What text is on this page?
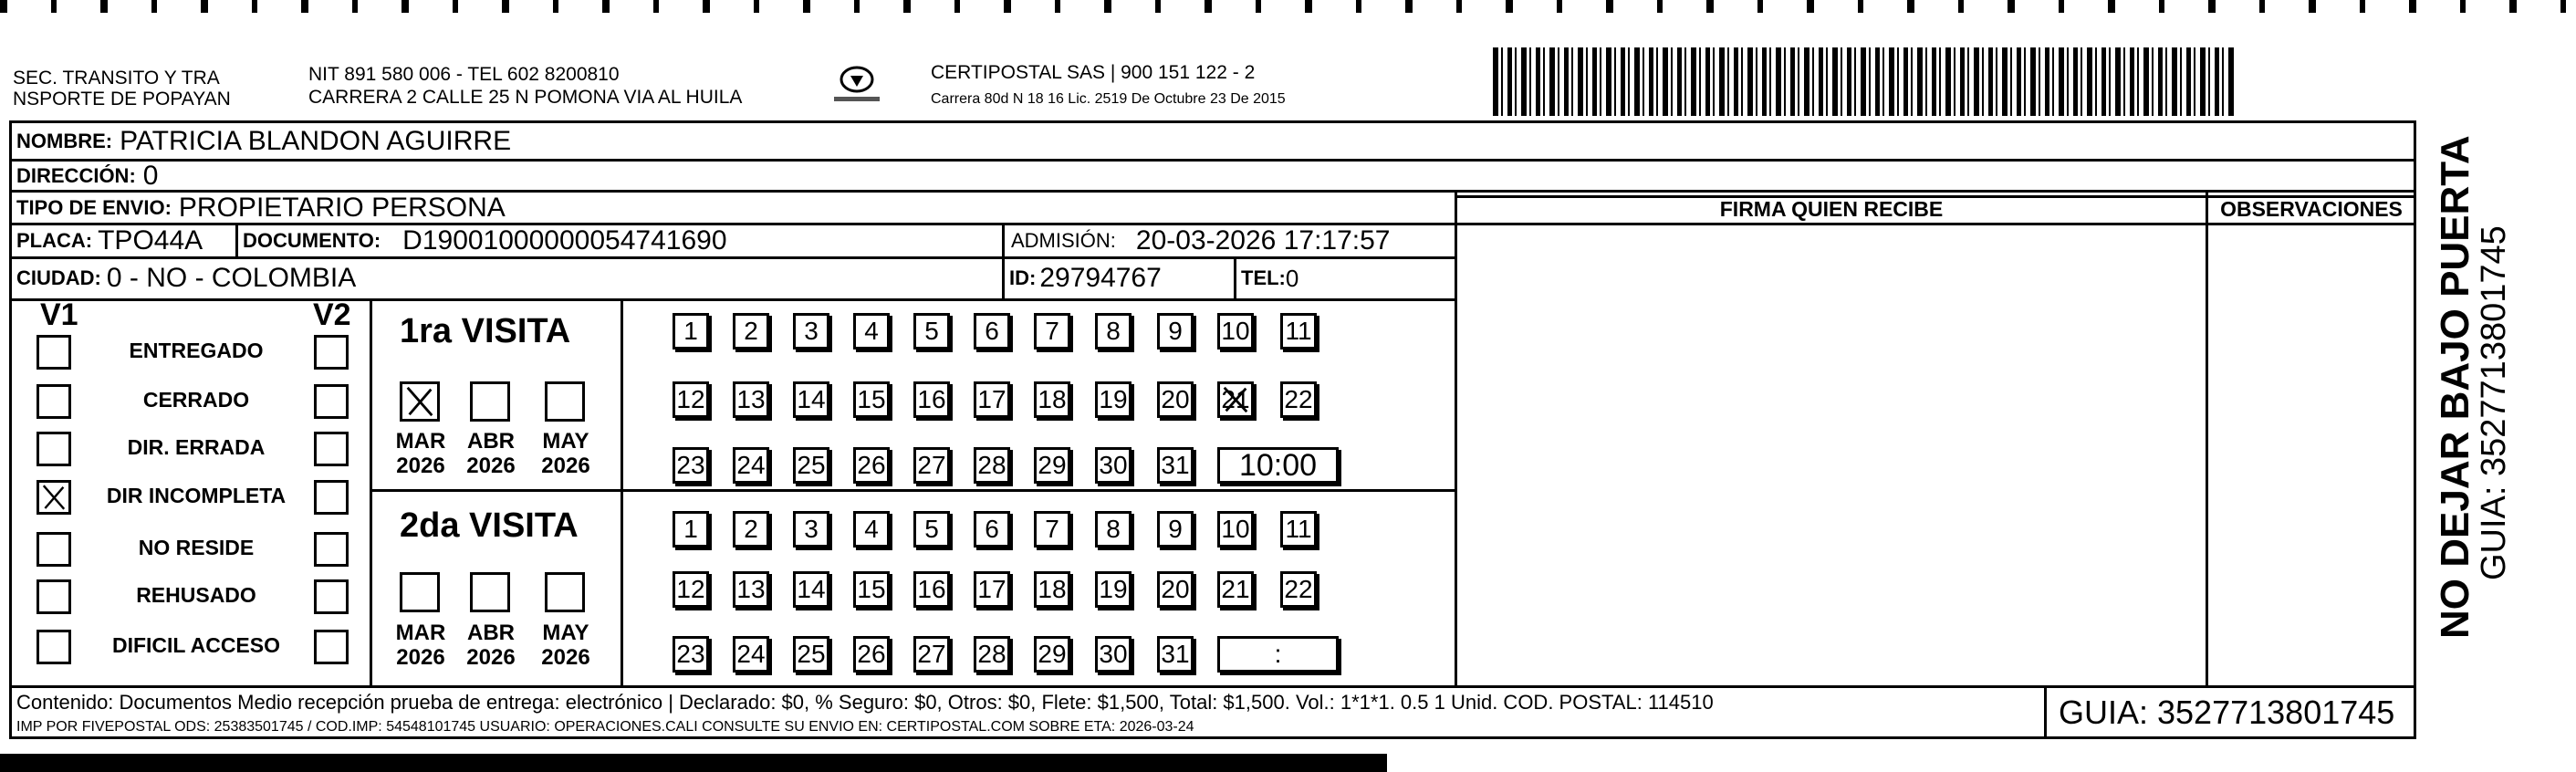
SEC. TRANSITO Y TRA
NSPORTE DE POPAYAN
NIT 891 580 006 - TEL 602 8200810
CARRERA 2 CALLE 25 N POMONA VIA AL HUILA
CERTIPOSTAL SAS | 900 151 122 - 2
Carrera 80d N 18 16 Lic. 2519 De Octubre 23 De 2015
NOMBRE: PATRICIA BLANDON AGUIRRE
DIRECCIÓN: 0
TIPO DE ENVIO: PROPIETARIO PERSONA
PLACA: TPO44A DOCUMENTO: D19001000000054741690	ADMISIÓN: 20-03-2026 17:17:57
CIUDAD: 0 - NO - COLOMBIA	ID: 29794767	TEL: 0
FIRMA QUIEN RECIBE	OBSERVACIONES
V1	V2 1ra VISITA
2da VISITA
Contenido: Documentos Medio recepción prueba de entrega: electrónico | Declarado: $0, % Seguro: $0, Otros: $0, Flete: $1,500, Total: $1,500. Vol.: 1*1*1. 0.5 1 Unid. COD. POSTAL: 114510
IMP POR FIVEPOSTAL ODS: 25383501745 / COD.IMP: 54548101745 USUARIO: OPERACIONES.CALI CONSULTE SU ENVIO EN: CERTIPOSTAL.COM SOBRE ETA: 2026-03-24	GUIA: 3527713801745
NO DEJAR BAJO PUERTA
GUIA: 3527713801745
ENTREGADO
CERRADO
DIR. ERRADA
DIR INCOMPLETA
NO RESIDE
REHUSADO
DIFICIL ACCESO
MAR
2026
ABR
2026
MAY
2026
MAR
2026
ABR
2026
MAY
2026
1	2	3	4	5	6	7	8	9	10 11
12 13 14 15 16 17 18 19 20 21 22
23 24 25 26 27 28 29 30 31	10:00
1	2	3	4	5	6	7	8	9	10 11
12 13 14 15 16 17 18 19 20 21 22
23 24 25 26 27 28 29 30 31	:
